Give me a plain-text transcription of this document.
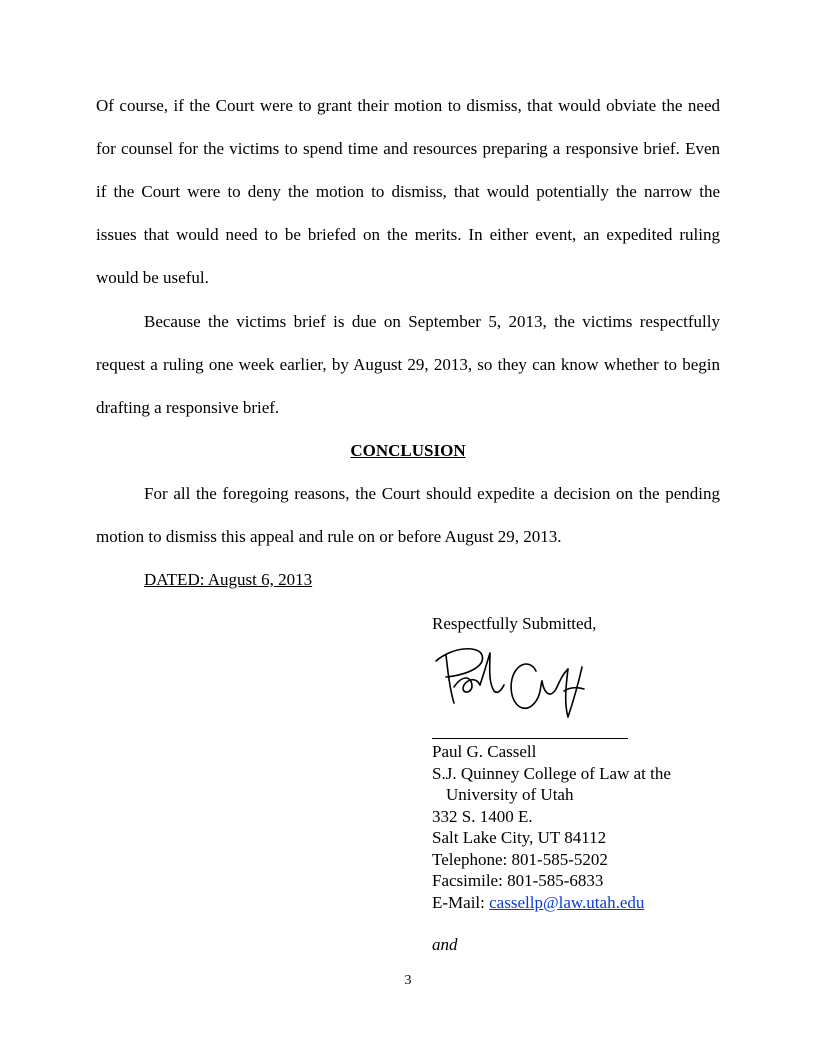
Of course, if the Court were to grant their motion to dismiss, that would obviate the need for counsel for the victims to spend time and resources preparing a responsive brief. Even if the Court were to deny the motion to dismiss, that would potentially the narrow the issues that would need to be briefed on the merits. In either event, an expedited ruling would be useful.

Because the victims brief is due on September 5, 2013, the victims respectfully request a ruling one week earlier, by August 29, 2013, so they can know whether to begin drafting a responsive brief.

CONCLUSION

For all the foregoing reasons, the Court should expedite a decision on the pending motion to dismiss this appeal and rule on or before August 29, 2013.

DATED: August 6, 2013
Respectfully Submitted,
Paul G. Cassell
S.J. Quinney College of Law at the
University of Utah
332 S. 1400 E.
Salt Lake City, UT 84112
Telephone: 801-585-5202
Facsimile: 801-585-6833
E-Mail: cassellp@law.utah.edu
and
3
